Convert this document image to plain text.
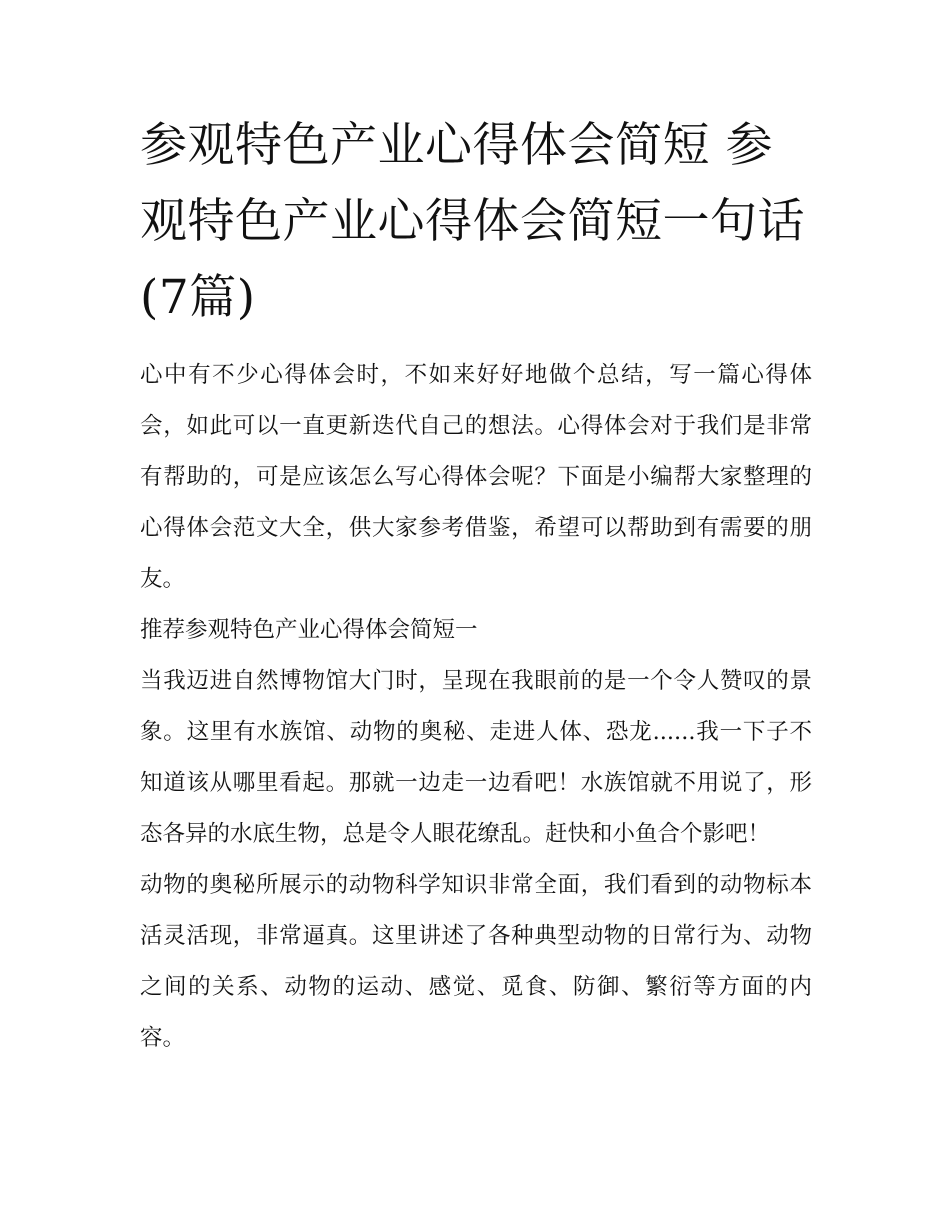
参观特色产业心得体会简短 参观特色产业心得体会简短一句话(7篇)

心中有不少心得体会时，不如来好好地做个总结，写一篇心得体会，如此可以一直更新迭代自己的想法。心得体会对于我们是非常有帮助的，可是应该怎么写心得体会呢？下面是小编帮大家整理的心得体会范文大全，供大家参考借鉴，希望可以帮助到有需要的朋友。

推荐参观特色产业心得体会简短一

当我迈进自然博物馆大门时，呈现在我眼前的是一个令人赞叹的景象。这里有水族馆、动物的奥秘、走进人体、恐龙......我一下子不知道该从哪里看起。那就一边走一边看吧！水族馆就不用说了，形态各异的水底生物，总是令人眼花缭乱。赶快和小鱼合个影吧！

动物的奥秘所展示的动物科学知识非常全面，我们看到的动物标本活灵活现，非常逼真。这里讲述了各种典型动物的日常行为、动物之间的关系、动物的运动、感觉、觅食、防御、繁衍等方面的内容。
